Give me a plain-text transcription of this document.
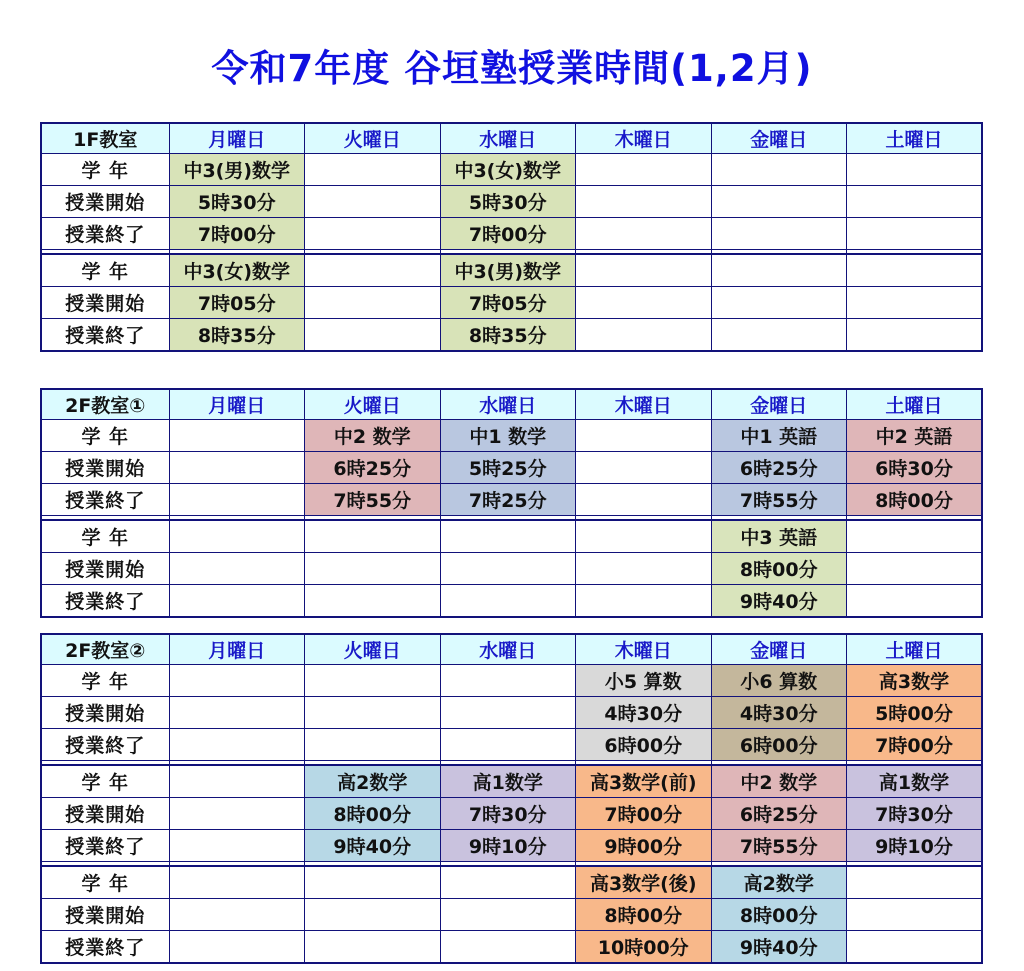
令和7年度 谷垣塾授業時間(1,2月)
1F教室	月曜日	火曜日	水曜日	木曜日	金曜日	土曜日
学 年	中3(男)数学		中3(女)数学			
授業開始	5時30分		5時30分			
授業終了	7時00分		7時00分			

学 年	中3(女)数学		中3(男)数学			
授業開始	7時05分		7時05分			
授業終了	8時35分		8時35分			
2F教室①	月曜日	火曜日	水曜日	木曜日	金曜日	土曜日
学 年		中2 数学	中1 数学		中1 英語	中2 英語
授業開始		6時25分	5時25分		6時25分	6時30分
授業終了		7時55分	7時25分		7時55分	8時00分

学 年					中3 英語	
授業開始					8時00分	
授業終了					9時40分	
2F教室②	月曜日	火曜日	水曜日	木曜日	金曜日	土曜日
学 年				小5 算数	小6 算数	高3数学
授業開始				4時30分	4時30分	5時00分
授業終了				6時00分	6時00分	7時00分

学 年		高2数学	高1数学	高3数学(前)	中2 数学	高1数学
授業開始		8時00分	7時30分	7時00分	6時25分	7時30分
授業終了		9時40分	9時10分	9時00分	7時55分	9時10分

学 年				高3数学(後)	高2数学	
授業開始				8時00分	8時00分	
授業終了				10時00分	9時40分	
